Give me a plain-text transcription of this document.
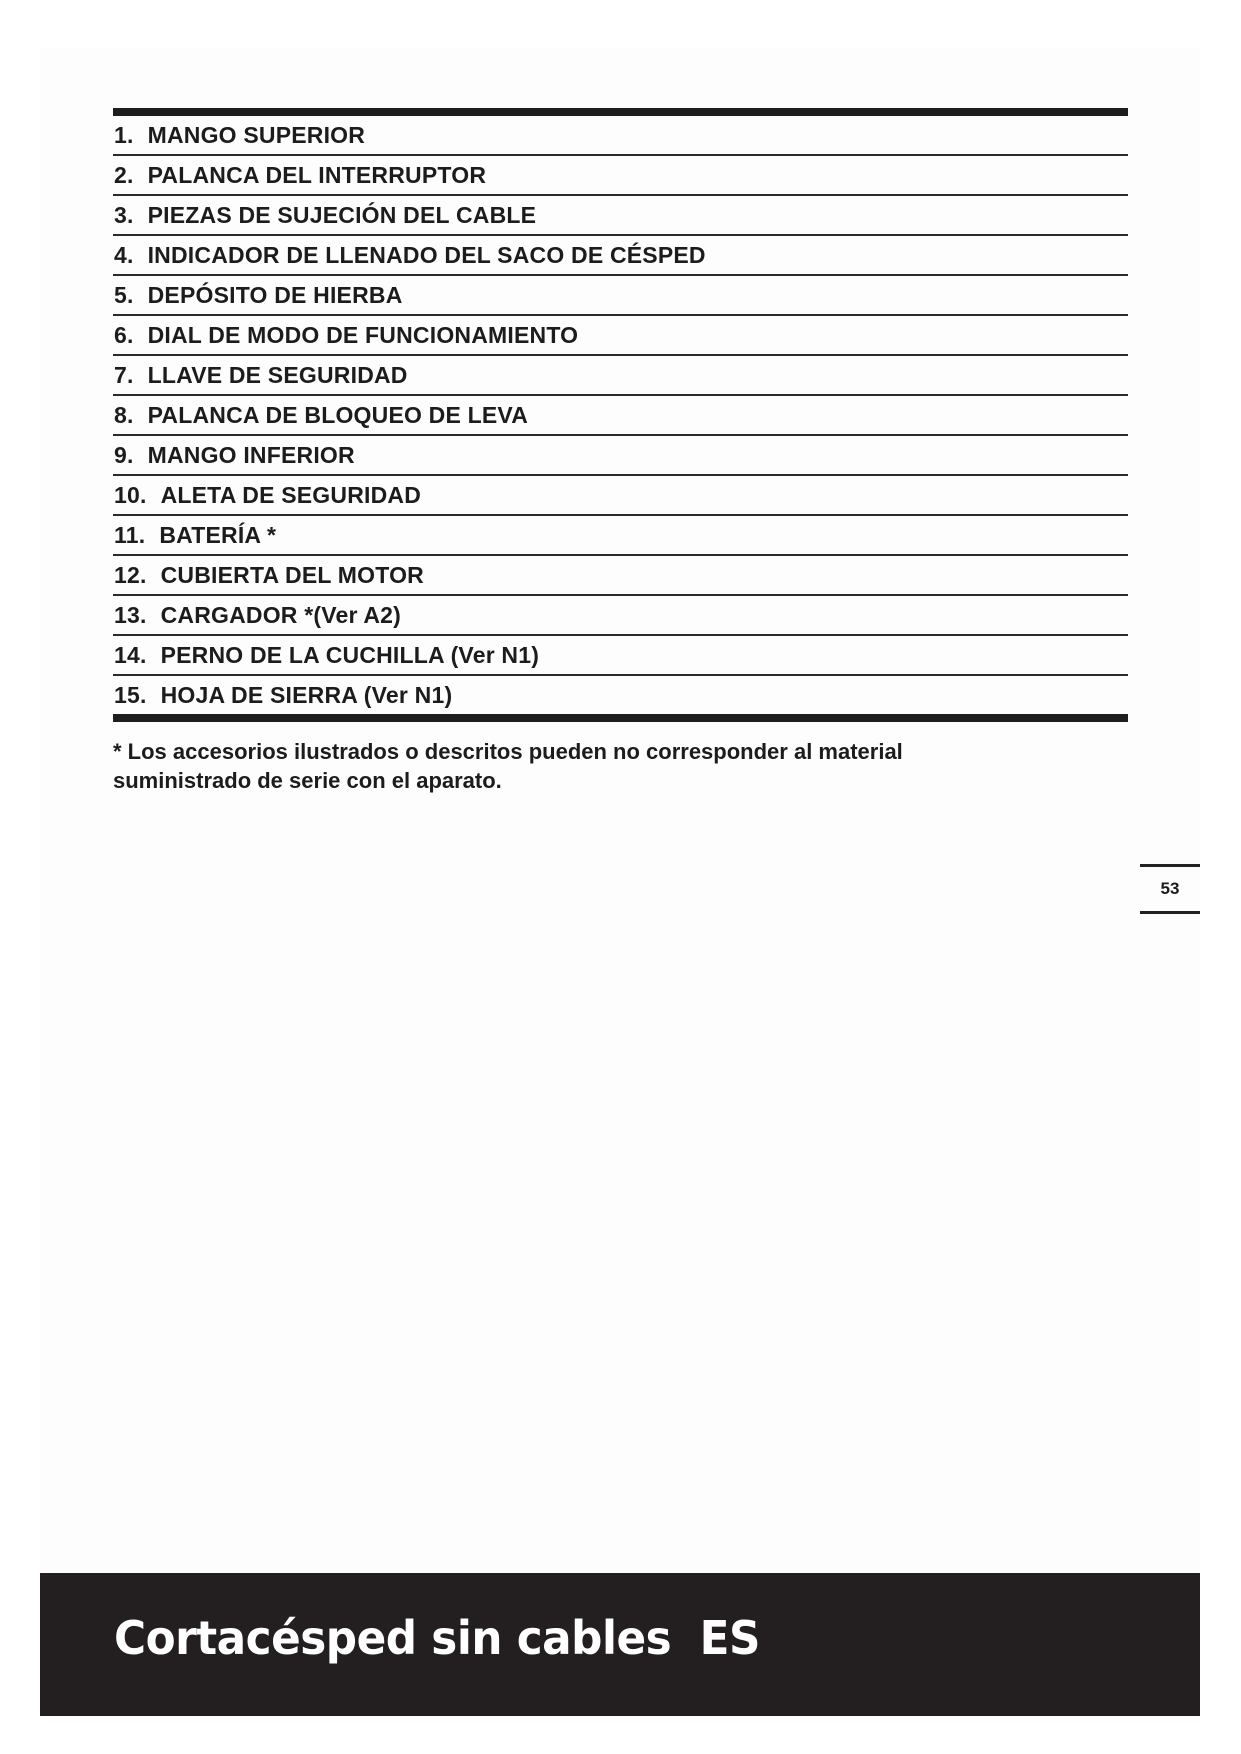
1. MANGO SUPERIOR
2. PALANCA DEL INTERRUPTOR
3. PIEZAS DE SUJECIÓN DEL CABLE
4. INDICADOR DE LLENADO DEL SACO DE CÉSPED
5. DEPÓSITO DE HIERBA
6. DIAL DE MODO DE FUNCIONAMIENTO
7. LLAVE DE SEGURIDAD
8. PALANCA DE BLOQUEO DE LEVA
9. MANGO INFERIOR
10. ALETA DE SEGURIDAD
11. BATERÍA *
12. CUBIERTA DEL MOTOR
13. CARGADOR *(Ver A2)
14. PERNO DE LA CUCHILLA (Ver N1)
15. HOJA DE SIERRA (Ver N1)
* Los accesorios ilustrados o descritos pueden no corresponder al material
suministrado de serie con el aparato.
53
Cortacésped sin cables ES
